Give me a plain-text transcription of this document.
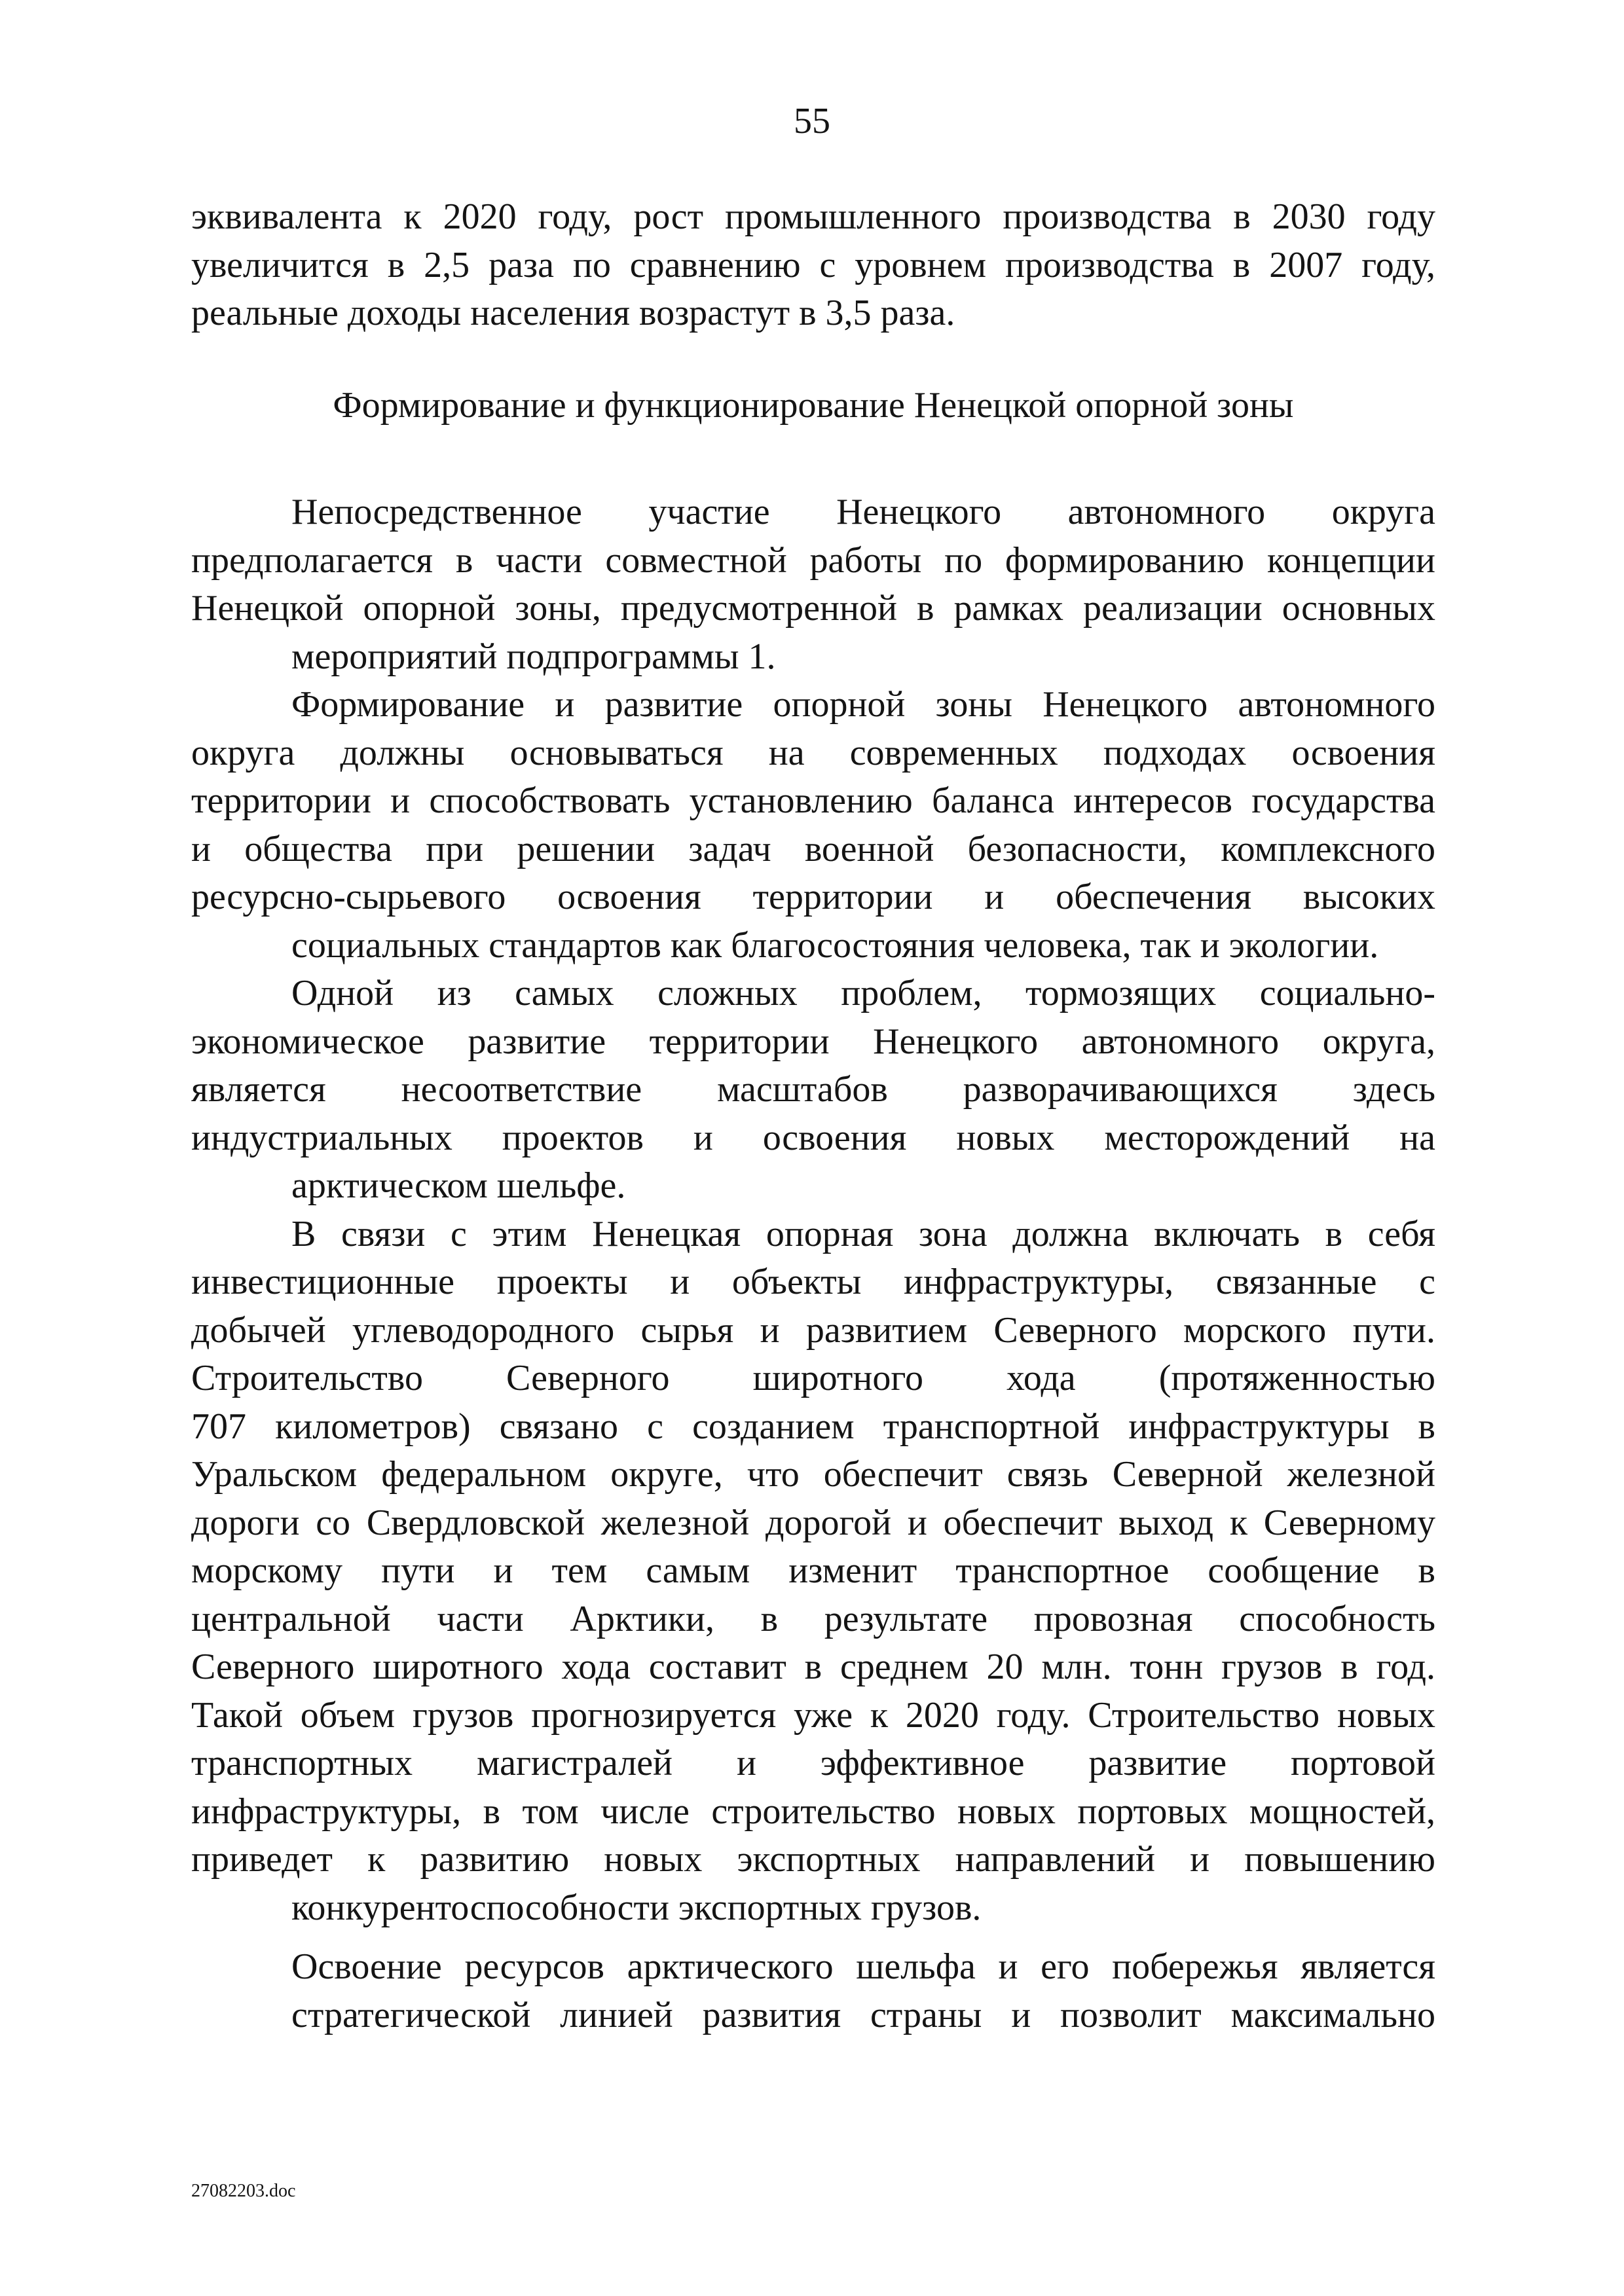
55

эквивалента к 2020 году, рост промышленного производства в 2030 году
увеличится в 2,5 раза по сравнению с уровнем производства в 2007 году,

реальные доходы населения возрастут в 3,5 раза.

Формирование и функционирование Ненецкой опорной зоны

Непосредственное участие Ненецкого автономного округа
предполагается в части совместной работы по формированию концепции
Ненецкой опорной зоны, предусмотренной в рамках реализации основных

мероприятий подпрограммы 1.

Формирование и развитие опорной зоны Ненецкого автономного
округа должны основываться на современных подходах освоения
территории и способствовать установлению баланса интересов государства
и общества при решении задач военной безопасности, комплексного
ресурсно-сырьевого освоения территории и обеспечения высоких

социальных стандартов как благосостояния человека, так и экологии.

Одной из самых сложных проблем, тормозящих социально-
экономическое развитие территории Ненецкого автономного округа,
является несоответствие масштабов разворачивающихся здесь
индустриальных проектов и освоения новых месторождений на

арктическом шельфе.

В связи с этим Ненецкая опорная зона должна включать в себя
инвестиционные проекты и объекты инфраструктуры, связанные с
добычей углеводородного сырья и развитием Северного морского пути.
Строительство Северного широтного хода (протяженностью
707 километров) связано с созданием транспортной инфраструктуры в
Уральском федеральном округе, что обеспечит связь Северной железной
дороги со Свердловской железной дорогой и обеспечит выход к Северному
морскому пути и тем самым изменит транспортное сообщение в
центральной части Арктики, в результате провозная способность
Северного широтного хода составит в среднем 20 млн. тонн грузов в год.
Такой объем грузов прогнозируется уже к 2020 году. Строительство новых
транспортных магистралей и эффективное развитие портовой
инфраструктуры, в том числе строительство новых портовых мощностей,
приведет к развитию новых экспортных направлений и повышению

конкурентоспособности экспортных грузов.

Освоение ресурсов арктического шельфа и его побережья является

стратегической линией развития страны и позволит максимально

27082203.doc
